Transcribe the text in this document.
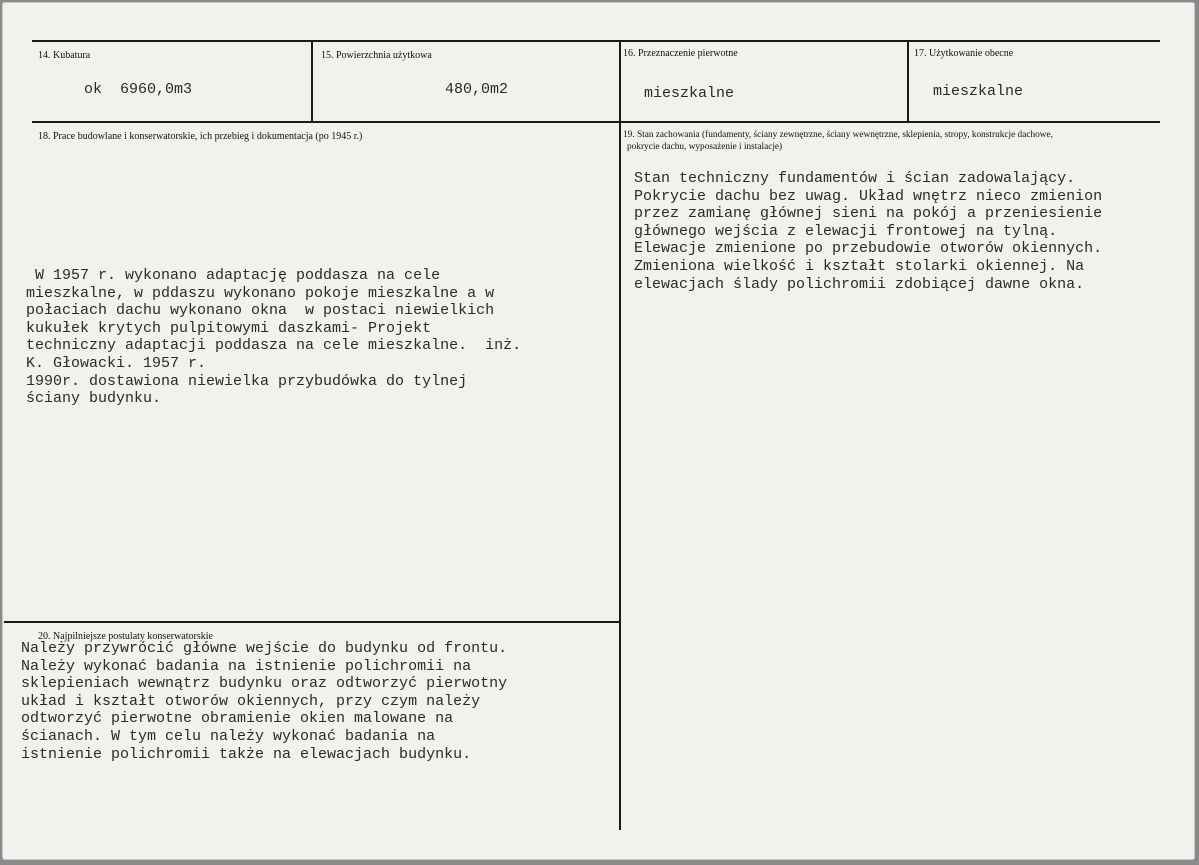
14. Kubatura
ok  6960,0m3
15. Powierzchnia użytkowa
480,0m2
16. Przeznaczenie pierwotne
mieszkalne
17. Użytkowanie obecne
mieszkalne
18. Prace budowlane i konserwatorskie, ich przebieg i dokumentacja (po 1945 r.)
W 1957 r. wykonano adaptację poddasza na cele
mieszkalne, w pddaszu wykonano pokoje mieszkalne a w
połaciach dachu wykonano okna  w postaci niewielkich
kukułek krytych pulpitowymi daszkami- Projekt
techniczny adaptacji poddasza na cele mieszkalne.  inż.
K. Głowacki. 1957 r.
1990r. dostawiona niewielka przybudówka do tylnej
ściany budynku.
19. Stan zachowania (fundamenty, ściany zewnętrzne, ściany wewnętrzne, sklepienia, stropy, konstrukcje dachowe,
pokrycie dachu, wyposażenie i instalacje)
Stan techniczny fundamentów i ścian zadowalający.
Pokrycie dachu bez uwag. Układ wnętrz nieco zmienion
przez zamianę głównej sieni na pokój a przeniesienie
głównego wejścia z elewacji frontowej na tylną.
Elewacje zmienione po przebudowie otworów okiennych.
Zmieniona wielkość i kształt stolarki okiennej. Na
elewacjach ślady polichromii zdobiącej dawne okna.
20. Najpilniejsze postulaty konserwatorskie
Należy przywrócić główne wejście do budynku od frontu.
Należy wykonać badania na istnienie polichromii na
sklepieniach wewnątrz budynku oraz odtworzyć pierwotny
układ i kształt otworów okiennych, przy czym należy
odtworzyć pierwotne obramienie okien malowane na
ścianach. W tym celu należy wykonać badania na
istnienie polichromii także na elewacjach budynku.
